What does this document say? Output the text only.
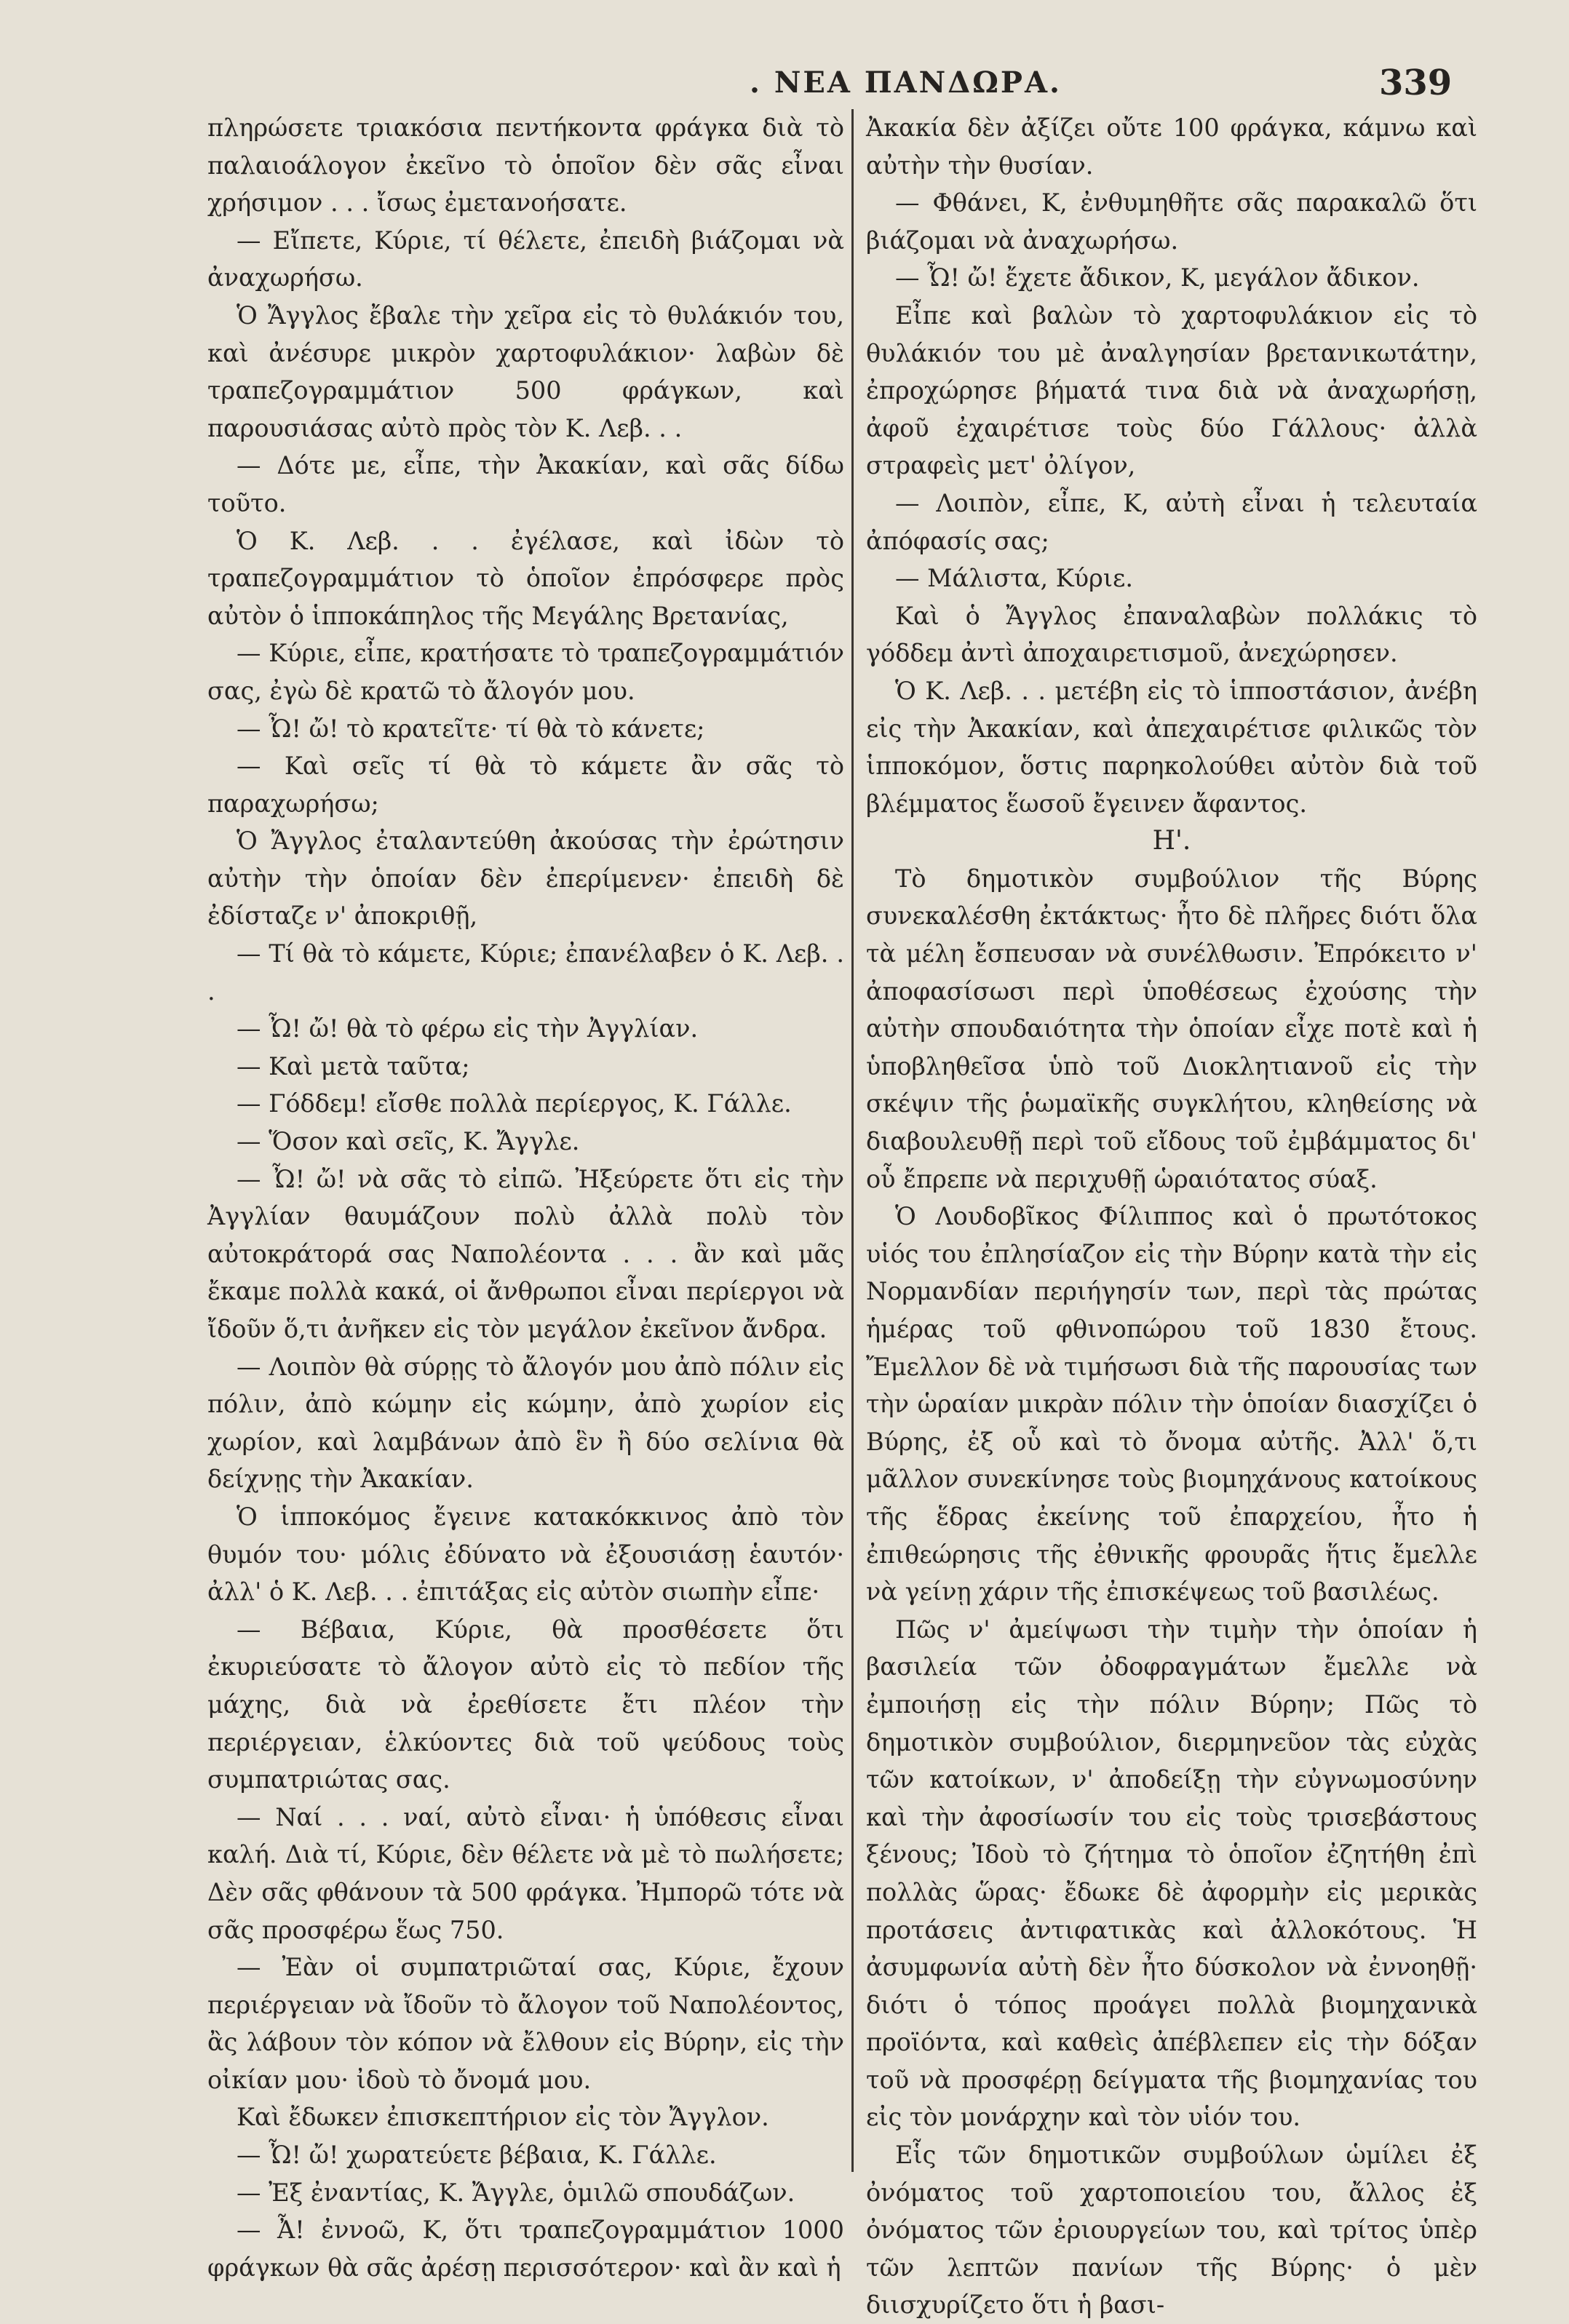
. ΝΕΑ ΠΑΝΔΩΡΑ.	339

πληρώσετε τριακόσια πεντήκοντα φράγκα διὰ τὸ παλαιοάλογον ἐκεῖνο τὸ ὁποῖον δὲν σᾶς εἶναι χρήσιμον . . . ἴσως ἐμετανοήσατε.

— Εἴπετε, Κύριε, τί θέλετε, ἐπειδὴ βιάζομαι νὰ ἀναχωρήσω.

Ὁ Ἄγγλος ἔβαλε τὴν χεῖρα εἰς τὸ θυλάκιόν του, καὶ ἀνέσυρε μικρὸν χαρτοφυλάκιον· λαβὼν δὲ τραπεζογραμμάτιον 500 φράγκων, καὶ παρουσιάσας αὐτὸ πρὸς τὸν Κ. Λεβ. . .

— Δότε με, εἶπε, τὴν Ἀκακίαν, καὶ σᾶς δίδω τοῦτο.

Ὁ Κ. Λεβ. . . ἐγέλασε, καὶ ἰδὼν τὸ τραπεζογραμμάτιον τὸ ὁποῖον ἐπρόσφερε πρὸς αὐτὸν ὁ ἱπποκάπηλος τῆς Μεγάλης Βρετανίας,

— Κύριε, εἶπε, κρατήσατε τὸ τραπεζογραμμάτιόν σας, ἐγὼ δὲ κρατῶ τὸ ἄλογόν μου.

— Ὦ! ὤ! τὸ κρατεῖτε· τί θὰ τὸ κάνετε;

— Καὶ σεῖς τί θὰ τὸ κάμετε ἂν σᾶς τὸ παραχωρήσω;

Ὁ Ἄγγλος ἐταλαντεύθη ἀκούσας τὴν ἐρώτησιν αὐτὴν τὴν ὁποίαν δὲν ἐπερίμενεν· ἐπειδὴ δὲ ἐδίσταζε ν' ἀποκριθῇ,

— Τί θὰ τὸ κάμετε, Κύριε; ἐπανέλαβεν ὁ Κ. Λεβ. . .

— Ὦ! ὤ! θὰ τὸ φέρω εἰς τὴν Ἀγγλίαν.

— Καὶ μετὰ ταῦτα;

— Γόδδεμ! εἴσθε πολλὰ περίεργος, Κ. Γάλλε.

— Ὅσον καὶ σεῖς, Κ. Ἄγγλε.

— Ὦ! ὤ! νὰ σᾶς τὸ εἰπῶ. Ἠξεύρετε ὅτι εἰς τὴν Ἀγγλίαν θαυμάζουν πολὺ ἀλλὰ πολὺ τὸν αὐτοκράτορά σας Ναπολέοντα . . . ἂν καὶ μᾶς ἔκαμε πολλὰ κακά, οἱ ἄνθρωποι εἶναι περίεργοι νὰ ἴδοῦν ὅ,τι ἀνῆκεν εἰς τὸν μεγάλον ἐκεῖνον ἄνδρα.

— Λοιπὸν θὰ σύρῃς τὸ ἄλογόν μου ἀπὸ πόλιν εἰς πόλιν, ἀπὸ κώμην εἰς κώμην, ἀπὸ χωρίον εἰς χωρίον, καὶ λαμβάνων ἀπὸ ἓν ἢ δύο σελίνια θὰ δείχνῃς τὴν Ἀκακίαν.

Ὁ ἱπποκόμος ἔγεινε κατακόκκινος ἀπὸ τὸν θυμόν του· μόλις ἐδύνατο νὰ ἐξουσιάσῃ ἑαυτόν· ἀλλ' ὁ Κ. Λεβ. . . ἐπιτάξας εἰς αὐτὸν σιωπὴν εἶπε·

— Βέβαια, Κύριε, θὰ προσθέσετε ὅτι ἐκυριεύσατε τὸ ἄλογον αὐτὸ εἰς τὸ πεδίον τῆς μάχης, διὰ νὰ ἐρεθίσετε ἔτι πλέον τὴν περιέργειαν, ἑλκύοντες διὰ τοῦ ψεύδους τοὺς συμπατριώτας σας.

— Ναί . . . ναί, αὐτὸ εἶναι· ἡ ὑπόθεσις εἶναι καλή. Διὰ τί, Κύριε, δὲν θέλετε νὰ μὲ τὸ πωλήσετε; Δὲν σᾶς φθάνουν τὰ 500 φράγκα. Ἠμπορῶ τότε νὰ σᾶς προσφέρω ἕως 750.

— Ἐὰν οἱ συμπατριῶταί σας, Κύριε, ἔχουν περιέργειαν νὰ ἴδοῦν τὸ ἄλογον τοῦ Ναπολέοντος, ἂς λάβουν τὸν κόπον νὰ ἔλθουν εἰς Βύρην, εἰς τὴν οἰκίαν μου· ἰδοὺ τὸ ὄνομά μου.

Καὶ ἔδωκεν ἐπισκεπτήριον εἰς τὸν Ἄγγλον.

— Ὦ! ὤ! χωρατεύετε βέβαια, Κ. Γάλλε.

— Ἐξ ἐναντίας, Κ. Ἄγγλε, ὁμιλῶ σπουδάζων.

— Ἆ! ἐννοῶ, Κ, ὅτι τραπεζογραμμάτιον 1000 φράγκων θὰ σᾶς ἀρέσῃ περισσότερον· καὶ ἂν καὶ ἡ

Ἀκακία δὲν ἀξίζει οὔτε 100 φράγκα, κάμνω καὶ αὐτὴν τὴν θυσίαν.

— Φθάνει, Κ, ἐνθυμηθῆτε σᾶς παρακαλῶ ὅτι βιάζομαι νὰ ἀναχωρήσω.

— Ὦ! ὤ! ἔχετε ἄδικον, Κ, μεγάλον ἄδικον.

Εἶπε καὶ βαλὼν τὸ χαρτοφυλάκιον εἰς τὸ θυλάκιόν του μὲ ἀναλγησίαν βρετανικωτάτην, ἐπροχώρησε βήματά τινα διὰ νὰ ἀναχωρήσῃ, ἀφοῦ ἐχαιρέτισε τοὺς δύο Γάλλους· ἀλλὰ στραφεὶς μετ' ὀλίγον,

— Λοιπὸν, εἶπε, Κ, αὐτὴ εἶναι ἡ τελευταία ἀπόφασίς σας;

— Μάλιστα, Κύριε.

Καὶ ὁ Ἄγγλος ἐπαναλαβὼν πολλάκις τὸ γόδδεμ ἀντὶ ἀποχαιρετισμοῦ, ἀνεχώρησεν.

Ὁ Κ. Λεβ. . . μετέβη εἰς τὸ ἱπποστάσιον, ἀνέβη εἰς τὴν Ἀκακίαν, καὶ ἀπεχαιρέτισε φιλικῶς τὸν ἱπποκόμον, ὅστις παρηκολούθει αὐτὸν διὰ τοῦ βλέμματος ἕωσοῦ ἔγεινεν ἄφαντος.

Η'.

Τὸ δημοτικὸν συμβούλιον τῆς Βύρης συνεκαλέσθη ἐκτάκτως· ἦτο δὲ πλῆρες διότι ὅλα τὰ μέλη ἔσπευσαν νὰ συνέλθωσιν. Ἐπρόκειτο ν' ἀποφασίσωσι περὶ ὑποθέσεως ἐχούσης τὴν αὐτὴν σπουδαιότητα τὴν ὁποίαν εἶχε ποτὲ καὶ ἡ ὑποβληθεῖσα ὑπὸ τοῦ Διοκλητιανοῦ εἰς τὴν σκέψιν τῆς ῥωμαϊκῆς συγκλήτου, κληθείσης νὰ διαβουλευθῇ περὶ τοῦ εἴδους τοῦ ἐμβάμματος δι' οὗ ἔπρεπε νὰ περιχυθῇ ὡραιότατος σύαξ.

Ὁ Λουδοβῖκος Φίλιππος καὶ ὁ πρωτότοκος υἱός του ἐπλησίαζον εἰς τὴν Βύρην κατὰ τὴν εἰς Νορμανδίαν περιήγησίν των, περὶ τὰς πρώτας ἡμέρας τοῦ φθινοπώρου τοῦ 1830 ἔτους. Ἔμελλον δὲ νὰ τιμήσωσι διὰ τῆς παρουσίας των τὴν ὡραίαν μικρὰν πόλιν τὴν ὁποίαν διασχίζει ὁ Βύρης, ἐξ οὗ καὶ τὸ ὄνομα αὐτῆς. Ἀλλ' ὅ,τι μᾶλλον συνεκίνησε τοὺς βιομηχάνους κατοίκους τῆς ἕδρας ἐκείνης τοῦ ἐπαρχείου, ἦτο ἡ ἐπιθεώρησις τῆς ἐθνικῆς φρουρᾶς ἥτις ἔμελλε νὰ γείνῃ χάριν τῆς ἐπισκέψεως τοῦ βασιλέως.

Πῶς ν' ἀμείψωσι τὴν τιμὴν τὴν ὁποίαν ἡ βασιλεία τῶν ὀδοφραγμάτων ἔμελλε νὰ ἐμποιήσῃ εἰς τὴν πόλιν Βύρην; Πῶς τὸ δημοτικὸν συμβούλιον, διερμηνεῦον τὰς εὐχὰς τῶν κατοίκων, ν' ἀποδείξῃ τὴν εὐγνωμοσύνην καὶ τὴν ἀφοσίωσίν του εἰς τοὺς τρισεβάστους ξένους; Ἰδοὺ τὸ ζήτημα τὸ ὁποῖον ἐζητήθη ἐπὶ πολλὰς ὥρας· ἔδωκε δὲ ἀφορμὴν εἰς μερικὰς προτάσεις ἀντιφατικὰς καὶ ἀλλοκότους. Ἡ ἀσυμφωνία αὐτὴ δὲν ἦτο δύσκολον νὰ ἐννοηθῇ· διότι ὁ τόπος προάγει πολλὰ βιομηχανικὰ προϊόντα, καὶ καθεὶς ἀπέβλεπεν εἰς τὴν δόξαν τοῦ νὰ προσφέρῃ δείγματα τῆς βιομηχανίας του εἰς τὸν μονάρχην καὶ τὸν υἱόν του.

Εἷς τῶν δημοτικῶν συμβούλων ὡμίλει ἐξ ὀνόματος τοῦ χαρτοποιείου του, ἄλλος ἐξ ὀνόματος τῶν ἐριουργείων του, καὶ τρίτος ὑπὲρ τῶν λεπτῶν πανίων τῆς Βύρης· ὁ μὲν διισχυρίζετο ὅτι ἡ βασι-
